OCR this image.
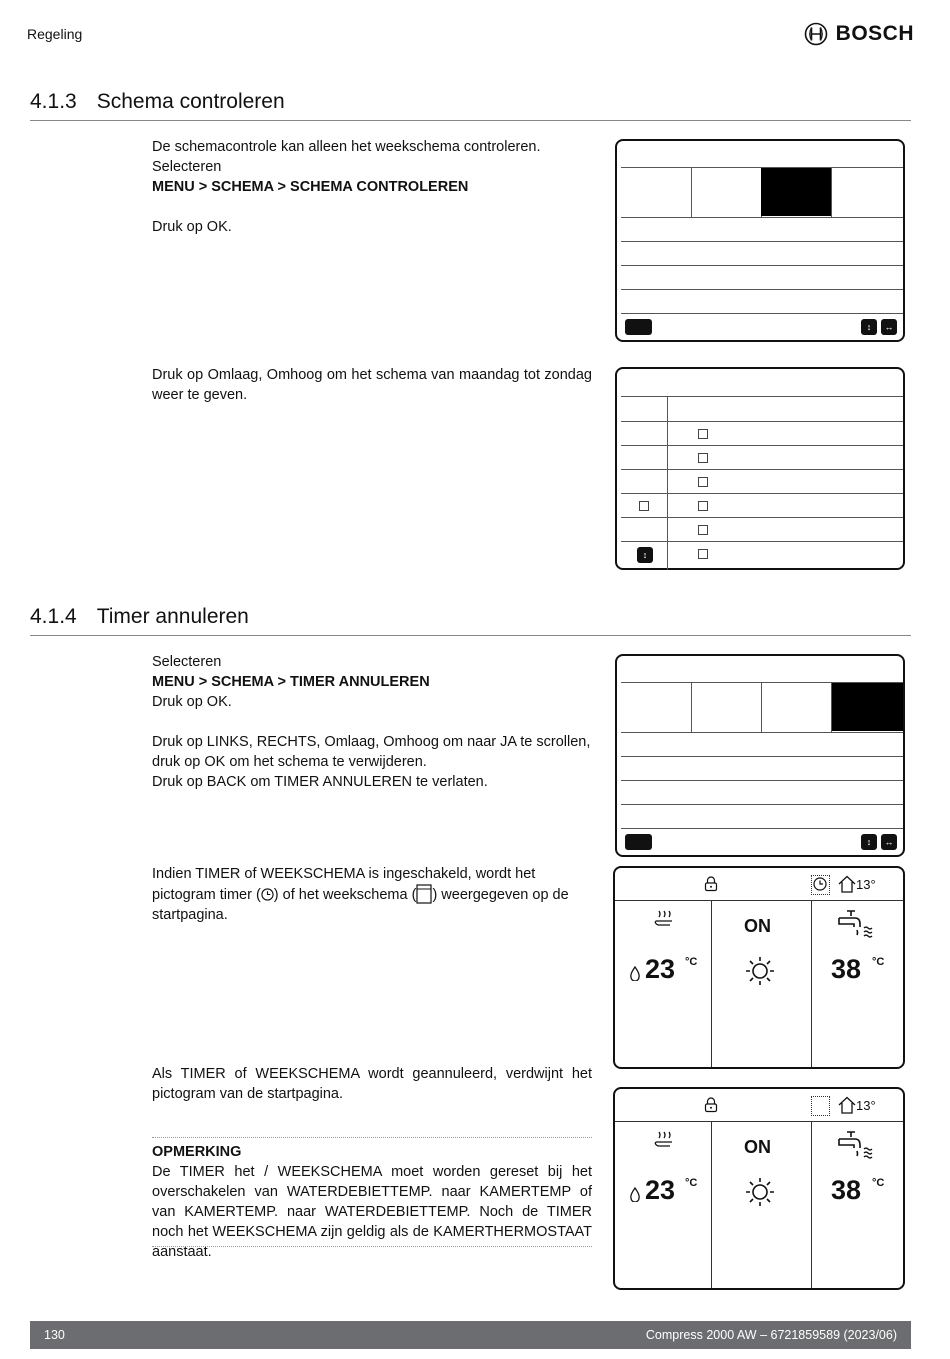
Regeling	BOSCH
4.1.3 Schema controleren

De schemacontrole kan alleen het weekschema controleren.

Selecteren

MENU > SCHEMA > SCHEMA CONTROLEREN

Druk op OK.

Druk op Omlaag, Omhoog om het schema van maandag tot zondag weer te geven.

↕	↔
↕
4.1.4 Timer annuleren

Selecteren

MENU > SCHEMA > TIMER ANNULEREN

Druk op OK.

Druk op LINKS, RECHTS, Omlaag, Omhoog om naar JA te scrollen, druk op OK om het schema te verwijderen.

Druk op BACK om TIMER ANNULEREN te verlaten.

Indien TIMER of WEEKSCHEMA is ingeschakeld, wordt het pictogram timer ( ) of het weekschema ( ) weergegeven op de startpagina.

Als TIMER of WEEKSCHEMA wordt geannuleerd, verdwijnt het pictogram van de startpagina.

OPMERKING

De TIMER het / WEEKSCHEMA moet worden gereset bij het overschakelen van WATERDEBIETTEMP. naar KAMERTEMP of van KAMERTEMP. naar WATERDEBIETTEMP. Noch de TIMER noch het WEEKSCHEMA zijn geldig als de KAMERTHERMOSTAAT aanstaat.

↕	↔
13°
23 °C
ON
38 °C
13°
23 °C
ON
38 °C
130	Compress 2000 AW – 6721859589 (2023/06)
